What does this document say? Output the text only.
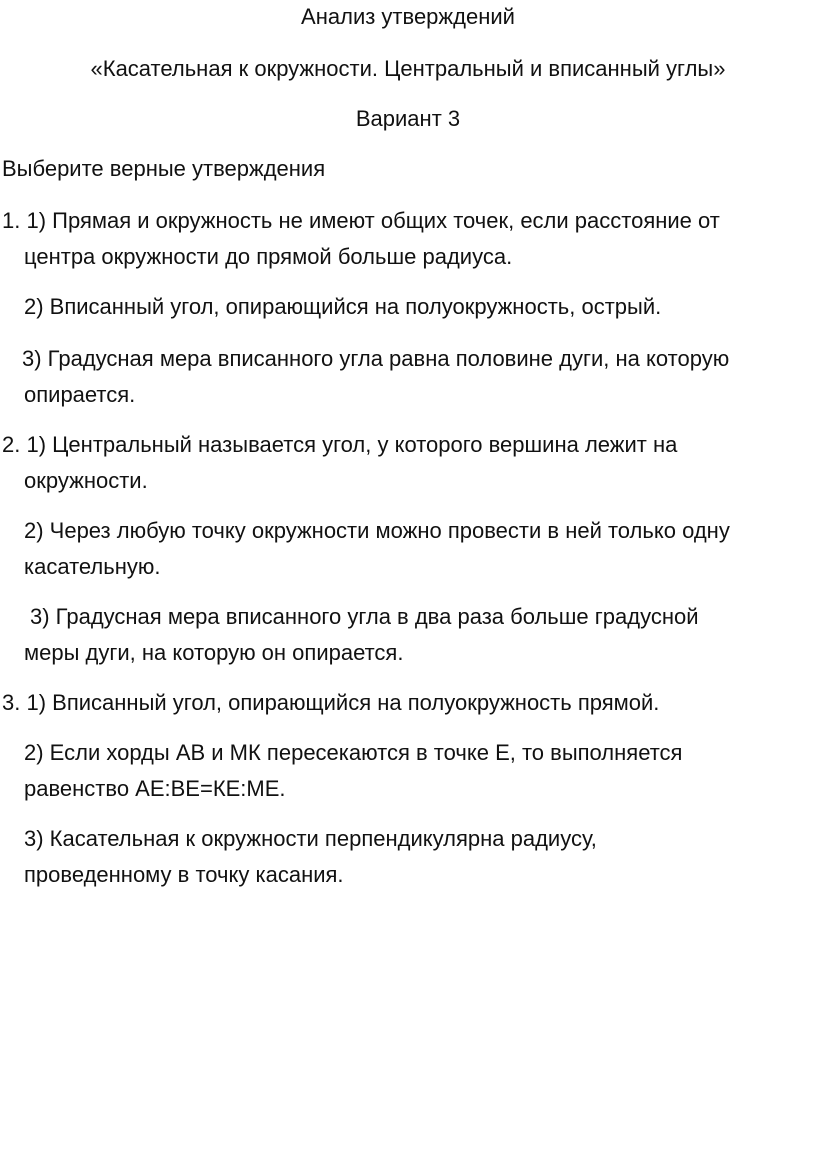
Анализ утверждений
«Касательная к окружности. Центральный и вписанный углы»
Вариант 3
Выберите верные утверждения
1. 1) Прямая и окружность не имеют общих точек, если расстояние от
центра окружности до прямой больше радиуса.
2) Вписанный угол, опирающийся на полуокружность, острый.
3) Градусная мера вписанного угла равна половине дуги, на которую
опирается.
2. 1) Центральный называется угол, у которого вершина лежит на
окружности.
2) Через любую точку окружности можно провести в ней только одну
касательную.
3) Градусная мера вписанного угла в два раза больше градусной
меры дуги, на которую он опирается.
3. 1) Вписанный угол, опирающийся на полуокружность прямой.
2) Если хорды АВ и МК пересекаются в точке Е, то выполняется
равенство АЕ:ВЕ=КЕ:МЕ.
3) Касательная к окружности перпендикулярна радиусу,
проведенному в точку касания.
